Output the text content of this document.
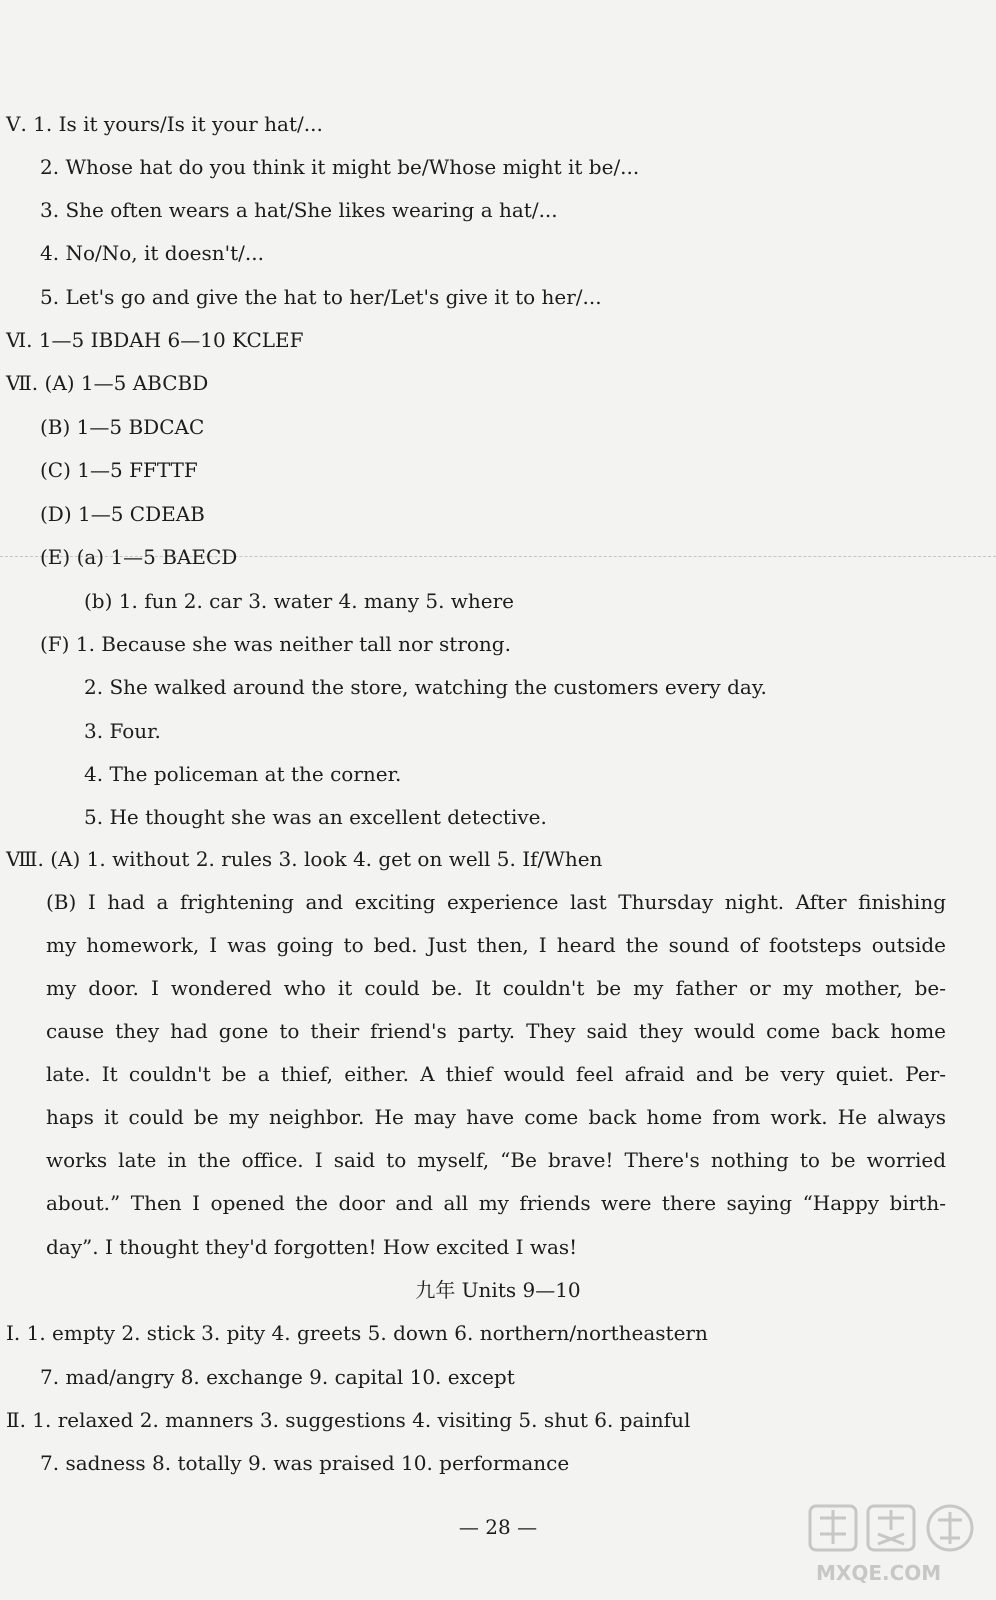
Ⅴ. 1. Is it yours/Is it your hat/...
2. Whose hat do you think it might be/Whose might it be/...
3. She often wears a hat/She likes wearing a hat/...
4. No/No, it doesn't/...
5. Let's go and give the hat to her/Let's give it to her/...
Ⅵ. 1—5 IBDAH 6—10 KCLEF
Ⅶ. (A) 1—5 ABCBD
(B) 1—5 BDCAC
(C) 1—5 FFTTF
(D) 1—5 CDEAB
(E) (a) 1—5 BAECD
(b) 1. fun 2. car 3. water 4. many 5. where
(F) 1. Because she was neither tall nor strong.
2. She walked around the store, watching the customers every day.
3. Four.
4. The policeman at the corner.
5. He thought she was an excellent detective.
Ⅷ. (A) 1. without 2. rules 3. look 4. get on well 5. If/When
(B) I had a frightening and exciting experience last Thursday night. After finishing
my homework, I was going to bed. Just then, I heard the sound of footsteps outside
my door. I wondered who it could be. It couldn't be my father or my mother, be-
cause they had gone to their friend's party. They said they would come back home
late. It couldn't be a thief, either. A thief would feel afraid and be very quiet. Per-
haps it could be my neighbor. He may have come back home from work. He always
works late in the office. I said to myself, “Be brave! There's nothing to be worried
about.” Then I opened the door and all my friends were there saying “Happy birth-
day”. I thought they'd forgotten! How excited I was!
九年 Units 9—10
Ⅰ. 1. empty 2. stick 3. pity 4. greets 5. down 6. northern/northeastern
7. mad/angry 8. exchange 9. capital 10. except
Ⅱ. 1. relaxed 2. manners 3. suggestions 4. visiting 5. shut 6. painful
7. sadness 8. totally 9. was praised 10. performance
— 28 —
MXQE.COM
